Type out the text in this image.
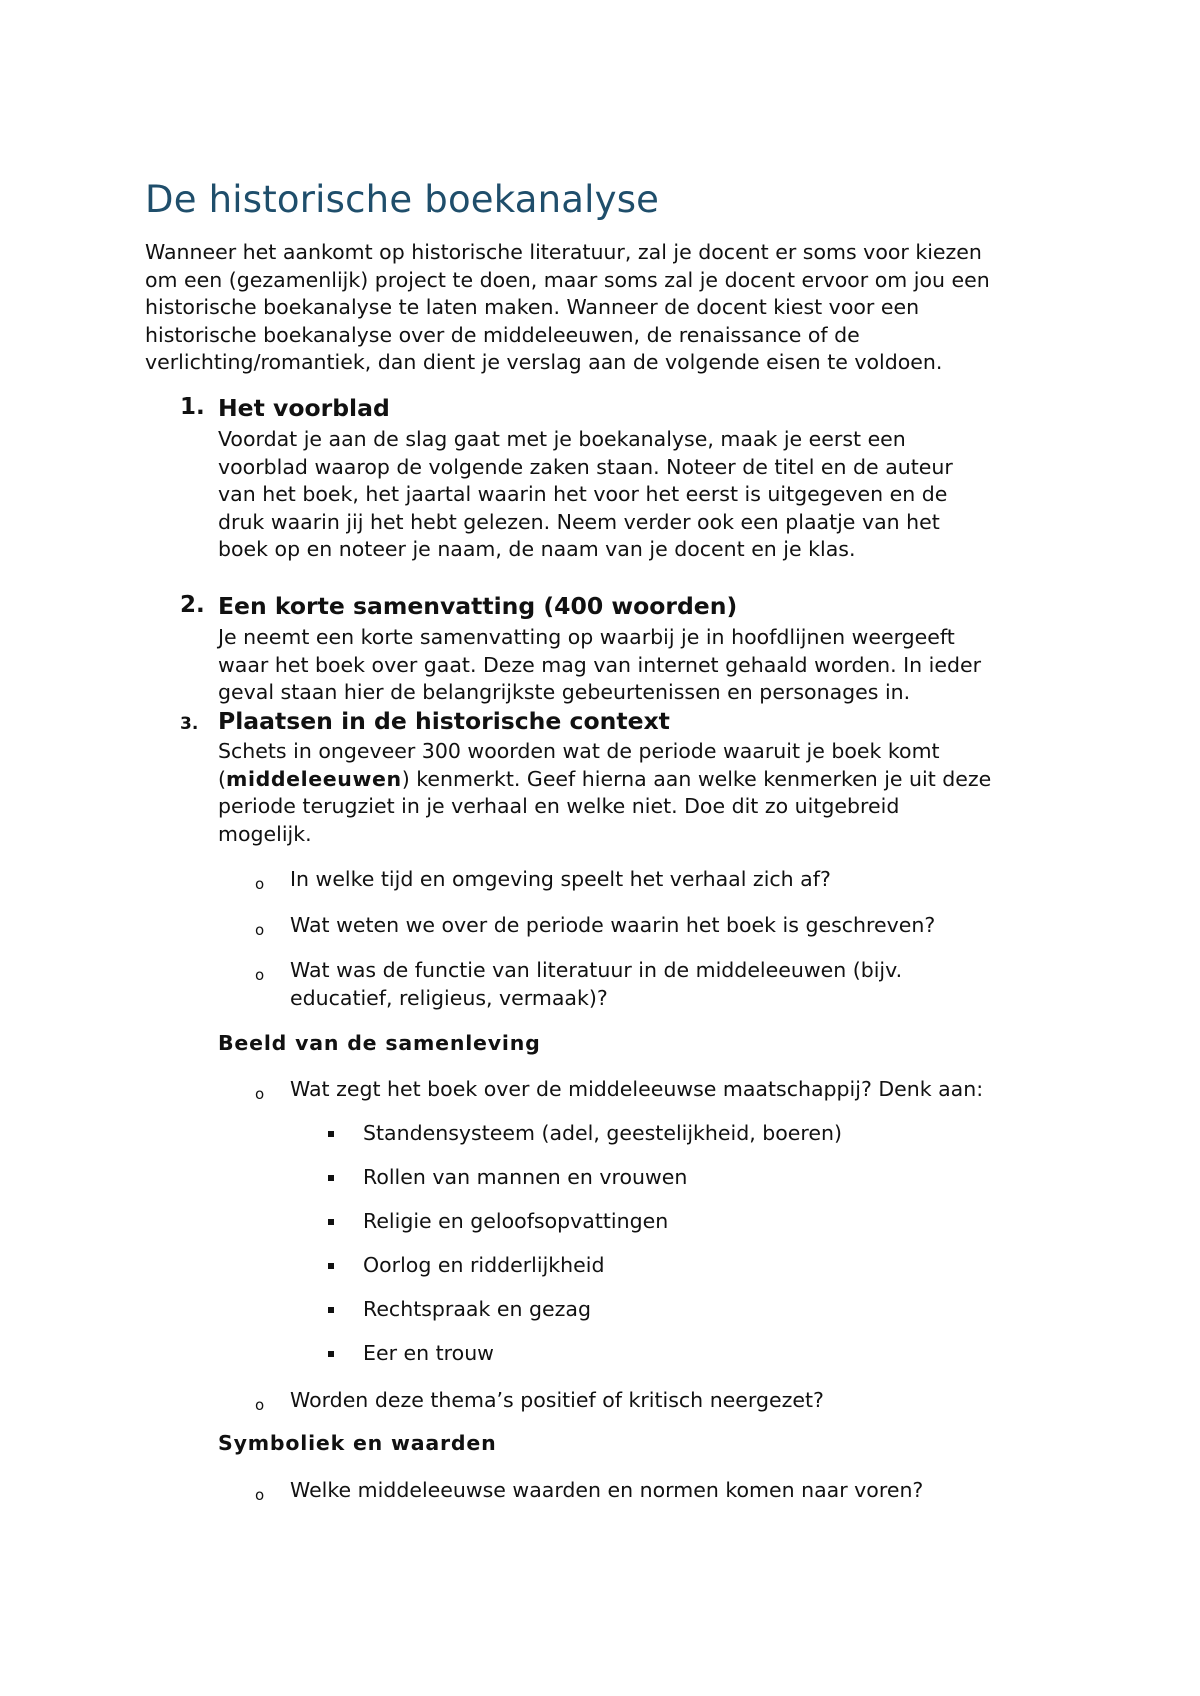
De historische boekanalyse
Wanneer het aankomt op historische literatuur, zal je docent er soms voor kiezen
om een (gezamenlijk) project te doen, maar soms zal je docent ervoor om jou een
historische boekanalyse te laten maken. Wanneer de docent kiest voor een
historische boekanalyse over de middeleeuwen, de renaissance of de
verlichting/romantiek, dan dient je verslag aan de volgende eisen te voldoen.
1. Het voorblad
Voordat je aan de slag gaat met je boekanalyse, maak je eerst een
voorblad waarop de volgende zaken staan. Noteer de titel en de auteur
van het boek, het jaartal waarin het voor het eerst is uitgegeven en de
druk waarin jij het hebt gelezen. Neem verder ook een plaatje van het
boek op en noteer je naam, de naam van je docent en je klas.
2. Een korte samenvatting (400 woorden)
Je neemt een korte samenvatting op waarbij je in hoofdlijnen weergeeft
waar het boek over gaat. Deze mag van internet gehaald worden. In ieder
geval staan hier de belangrijkste gebeurtenissen en personages in.
3. Plaatsen in de historische context
Schets in ongeveer 300 woorden wat de periode waaruit je boek komt
(middeleeuwen) kenmerkt. Geef hierna aan welke kenmerken je uit deze
periode terugziet in je verhaal en welke niet. Doe dit zo uitgebreid
mogelijk.
o In welke tijd en omgeving speelt het verhaal zich af?
o Wat weten we over de periode waarin het boek is geschreven?
o Wat was de functie van literatuur in de middeleeuwen (bijv.
educatief, religieus, vermaak)?
Beeld van de samenleving
o Wat zegt het boek over de middeleeuwse maatschappij? Denk aan:
Standensysteem (adel, geestelijkheid, boeren)
Rollen van mannen en vrouwen
Religie en geloofsopvattingen
Oorlog en ridderlijkheid
Rechtspraak en gezag
Eer en trouw
o Worden deze thema’s positief of kritisch neergezet?
Symboliek en waarden
o Welke middeleeuwse waarden en normen komen naar voren?
